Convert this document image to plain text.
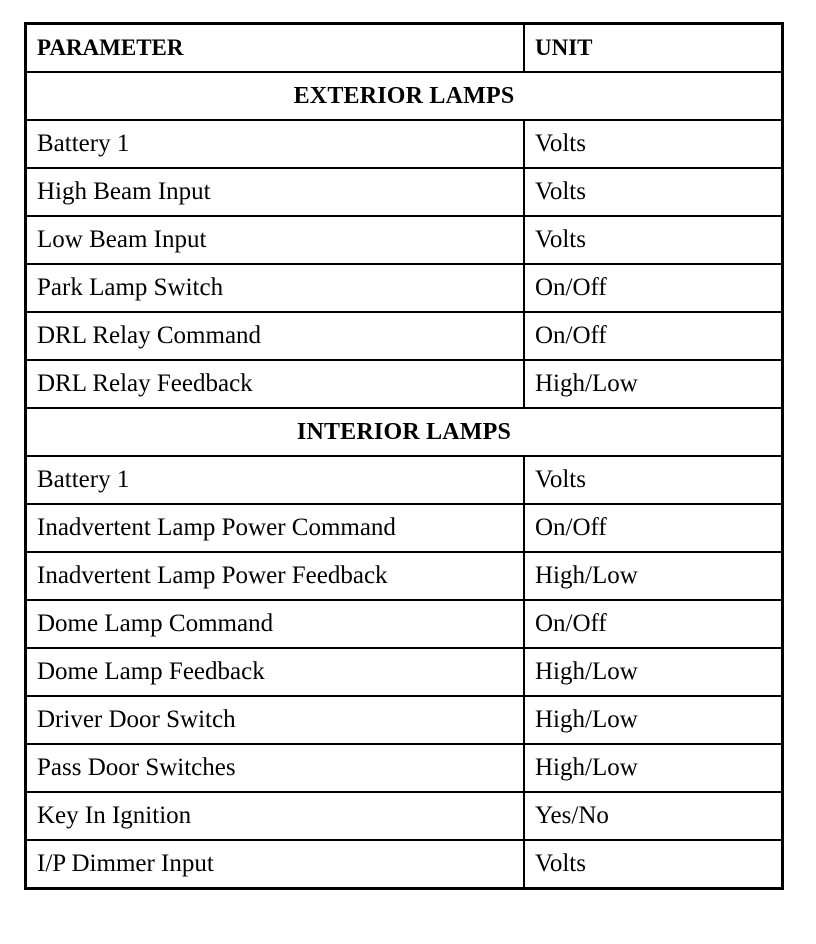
PARAMETER	UNIT
EXTERIOR LAMPS	
Battery 1	Volts
High Beam Input	Volts
Low Beam Input	Volts
Park Lamp Switch	On/Off
DRL Relay Command	On/Off
DRL Relay Feedback	High/Low
INTERIOR LAMPS	
Battery 1	Volts
Inadvertent Lamp Power Command	On/Off
Inadvertent Lamp Power Feedback	High/Low
Dome Lamp Command	On/Off
Dome Lamp Feedback	High/Low
Driver Door Switch	High/Low
Pass Door Switches	High/Low
Key In Ignition	Yes/No
I/P Dimmer Input	Volts
